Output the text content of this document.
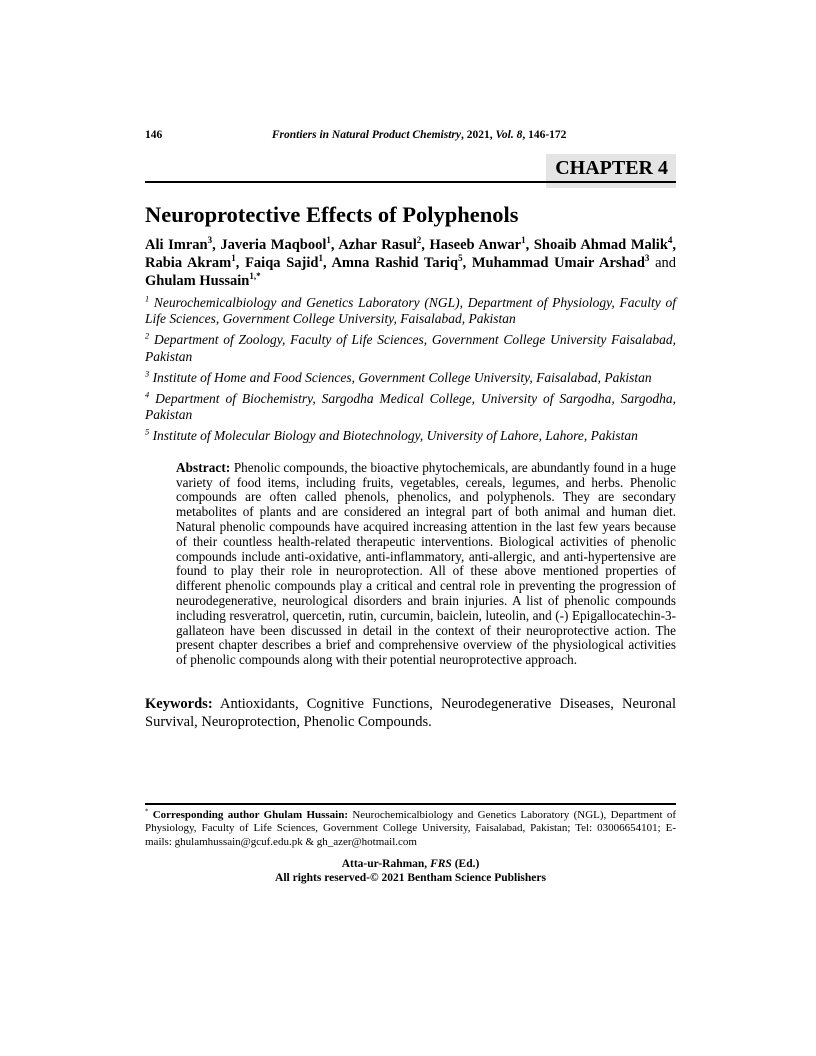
146	Frontiers in Natural Product Chemistry, 2021, Vol. 8, 146-172
CHAPTER 4
Neuroprotective Effects of Polyphenols

Ali Imran$^3$, Javeria Maqbool$^1$, Azhar Rasul$^2$, Haseeb Anwar$^1$, Shoaib Ahmad Malik$^4$, Rabia Akram$^1$, Faiqa Sajid$^1$, Amna Rashid Tariq$^5$, Muhammad Umair Arshad$^3$ and Ghulam Hussain$^{1,*}$

$^1$ Neurochemicalbiology and Genetics Laboratory (NGL), Department of Physiology, Faculty of Life Sciences, Government College University, Faisalabad, Pakistan

$^2$ Department of Zoology, Faculty of Life Sciences, Government College University Faisalabad, Pakistan

$^3$ Institute of Home and Food Sciences, Government College University, Faisalabad, Pakistan

$^4$ Department of Biochemistry, Sargodha Medical College, University of Sargodha, Sargodha, Pakistan

$^5$ Institute of Molecular Biology and Biotechnology, University of Lahore, Lahore, Pakistan

Abstract: Phenolic compounds, the bioactive phytochemicals, are abundantly found in a huge variety of food items, including fruits, vegetables, cereals, legumes, and herbs. Phenolic compounds are often called phenols, phenolics, and polyphenols. They are secondary metabolites of plants and are considered an integral part of both animal and human diet. Natural phenolic compounds have acquired increasing attention in the last few years because of their countless health-related therapeutic interventions. Biological activities of phenolic compounds include anti-oxidative, anti-inflammatory, anti-allergic, and anti-hypertensive are found to play their role in neuroprotection. All of these above mentioned properties of different phenolic compounds play a critical and central role in preventing the progression of neurodegenerative, neurological disorders and brain injuries. A list of phenolic compounds including resveratrol, quercetin, rutin, curcumin, baiclein, luteolin, and (-) Epigallocatechin-3-gallateon have been discussed in detail in the context of their neuroprotective action. The present chapter describes a brief and comprehensive overview of the physiological activities of phenolic compounds along with their potential neuroprotective approach.

Keywords: Antioxidants, Cognitive Functions, Neurodegenerative Diseases, Neuronal Survival, Neuroprotection, Phenolic Compounds.

* Corresponding author Ghulam Hussain: Neurochemicalbiology and Genetics Laboratory (NGL), Department of Physiology, Faculty of Life Sciences, Government College University, Faisalabad, Pakistan; Tel: 03006654101; E-mails: ghulamhussain@gcuf.edu.pk & gh_azer@hotmail.com

Atta-ur-Rahman, FRS (Ed.)
All rights reserved-© 2021 Bentham Science Publishers
